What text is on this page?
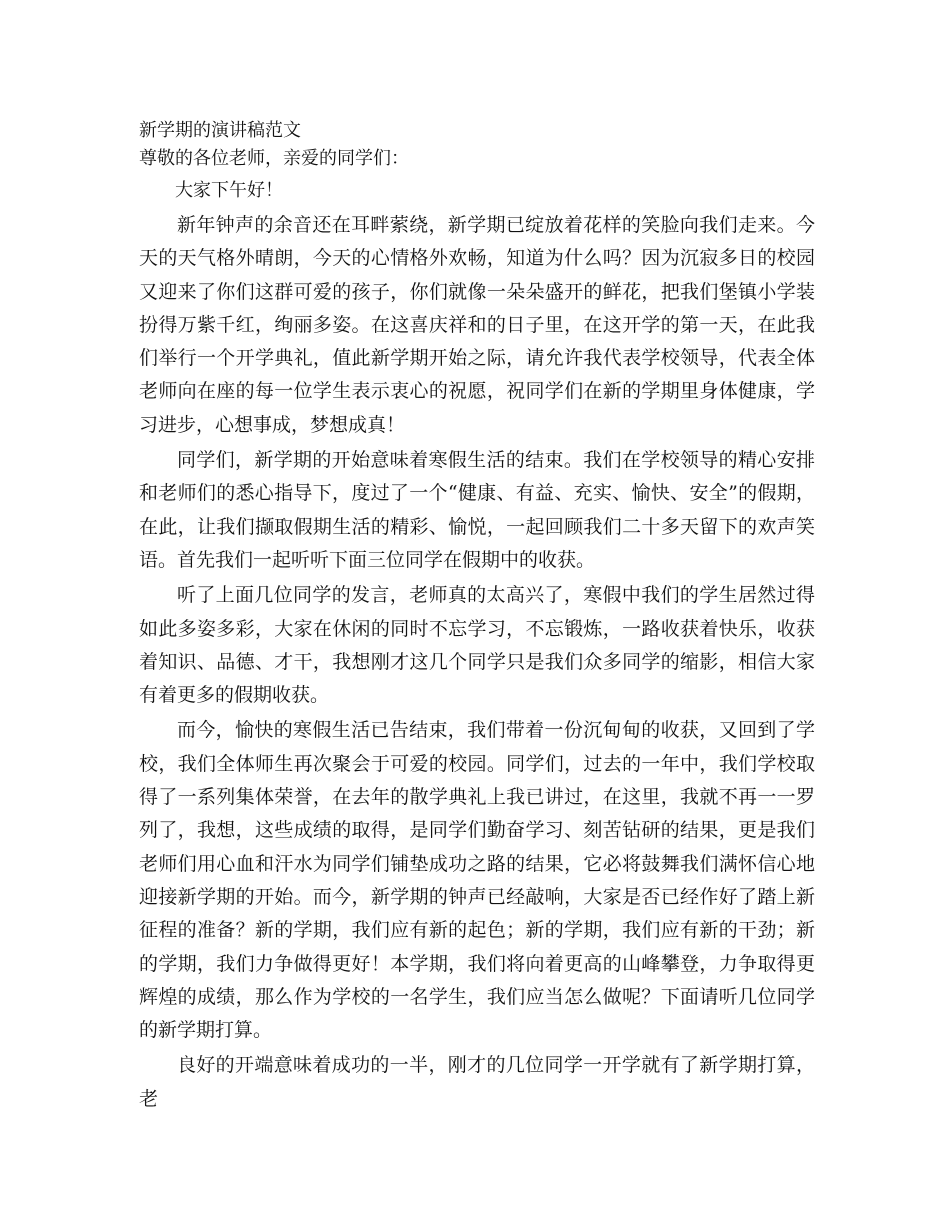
新学期的演讲稿范文
尊敬的各位老师，亲爱的同学们：
大家下午好！

新年钟声的余音还在耳畔萦绕，新学期已绽放着花样的笑脸向我们走来。今天的天气格外晴朗，今天的心情格外欢畅，知道为什么吗？因为沉寂多日的校园又迎来了你们这群可爱的孩子，你们就像一朵朵盛开的鲜花，把我们堡镇小学装扮得万紫千红，绚丽多姿。在这喜庆祥和的日子里，在这开学的第一天，在此我们举行一个开学典礼，值此新学期开始之际，请允许我代表学校领导，代表全体老师向在座的每一位学生表示衷心的祝愿，祝同学们在新的学期里身体健康，学习进步，心想事成，梦想成真！

同学们，新学期的开始意味着寒假生活的结束。我们在学校领导的精心安排和老师们的悉心指导下，度过了一个“健康、有益、充实、愉快、安全”的假期，在此，让我们撷取假期生活的精彩、愉悦，一起回顾我们二十多天留下的欢声笑语。首先我们一起听听下面三位同学在假期中的收获。

听了上面几位同学的发言，老师真的太高兴了，寒假中我们的学生居然过得如此多姿多彩，大家在休闲的同时不忘学习，不忘锻炼，一路收获着快乐，收获着知识、品德、才干，我想刚才这几个同学只是我们众多同学的缩影，相信大家有着更多的假期收获。

而今，愉快的寒假生活已告结束，我们带着一份沉甸甸的收获，又回到了学校，我们全体师生再次聚会于可爱的校园。同学们，过去的一年中，我们学校取得了一系列集体荣誉，在去年的散学典礼上我已讲过，在这里，我就不再一一罗列了，我想，这些成绩的取得，是同学们勤奋学习、刻苦钻研的结果，更是我们老师们用心血和汗水为同学们铺垫成功之路的结果，它必将鼓舞我们满怀信心地迎接新学期的开始。而今，新学期的钟声已经敲响，大家是否已经作好了踏上新征程的准备？新的学期，我们应有新的起色；新的学期，我们应有新的干劲；新的学期，我们力争做得更好！本学期，我们将向着更高的山峰攀登，力争取得更辉煌的成绩，那么作为学校的一名学生，我们应当怎么做呢？下面请听几位同学的新学期打算。

良好的开端意味着成功的一半，刚才的几位同学一开学就有了新学期打算，老
